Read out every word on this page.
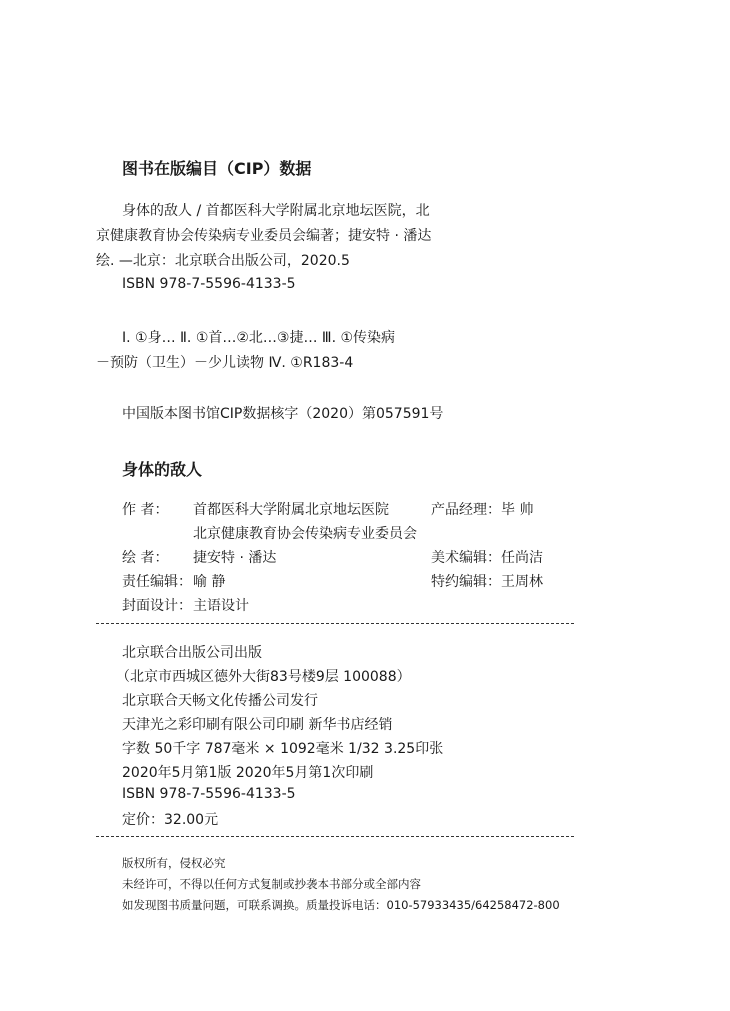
图书在版编目（CIP）数据
身体的敌人 / 首都医科大学附属北京地坛医院，北
京健康教育协会传染病专业委员会编著；捷安特 · 潘达
绘. —北京：北京联合出版公司，2020.5
ISBN 978-7-5596-4133-5
Ⅰ. ①身… Ⅱ. ①首…②北…③捷… Ⅲ. ①传染病
－预防（卫生）－少儿读物 Ⅳ. ①R183-4
中国版本图书馆CIP数据核字（2020）第057591号
身体的敌人
作 者： 首都医科大学附属北京地坛医院
北京健康教育协会传染病专业委员会
绘 者： 捷安特 · 潘达
责任编辑： 喻 静
封面设计： 主语设计
产品经理： 毕 帅
美术编辑： 任尚洁
特约编辑： 王周林
北京联合出版公司出版
（北京市西城区德外大街83号楼9层 100088）
北京联合天畅文化传播公司发行
天津光之彩印刷有限公司印刷 新华书店经销
字数 50千字 787毫米 × 1092毫米 1/32 3.25印张
2020年5月第1版 2020年5月第1次印刷
ISBN 978-7-5596-4133-5
定价：32.00元
版权所有，侵权必究
未经许可，不得以任何方式复制或抄袭本书部分或全部内容
如发现图书质量问题，可联系调换。质量投诉电话：010-57933435/64258472-800
